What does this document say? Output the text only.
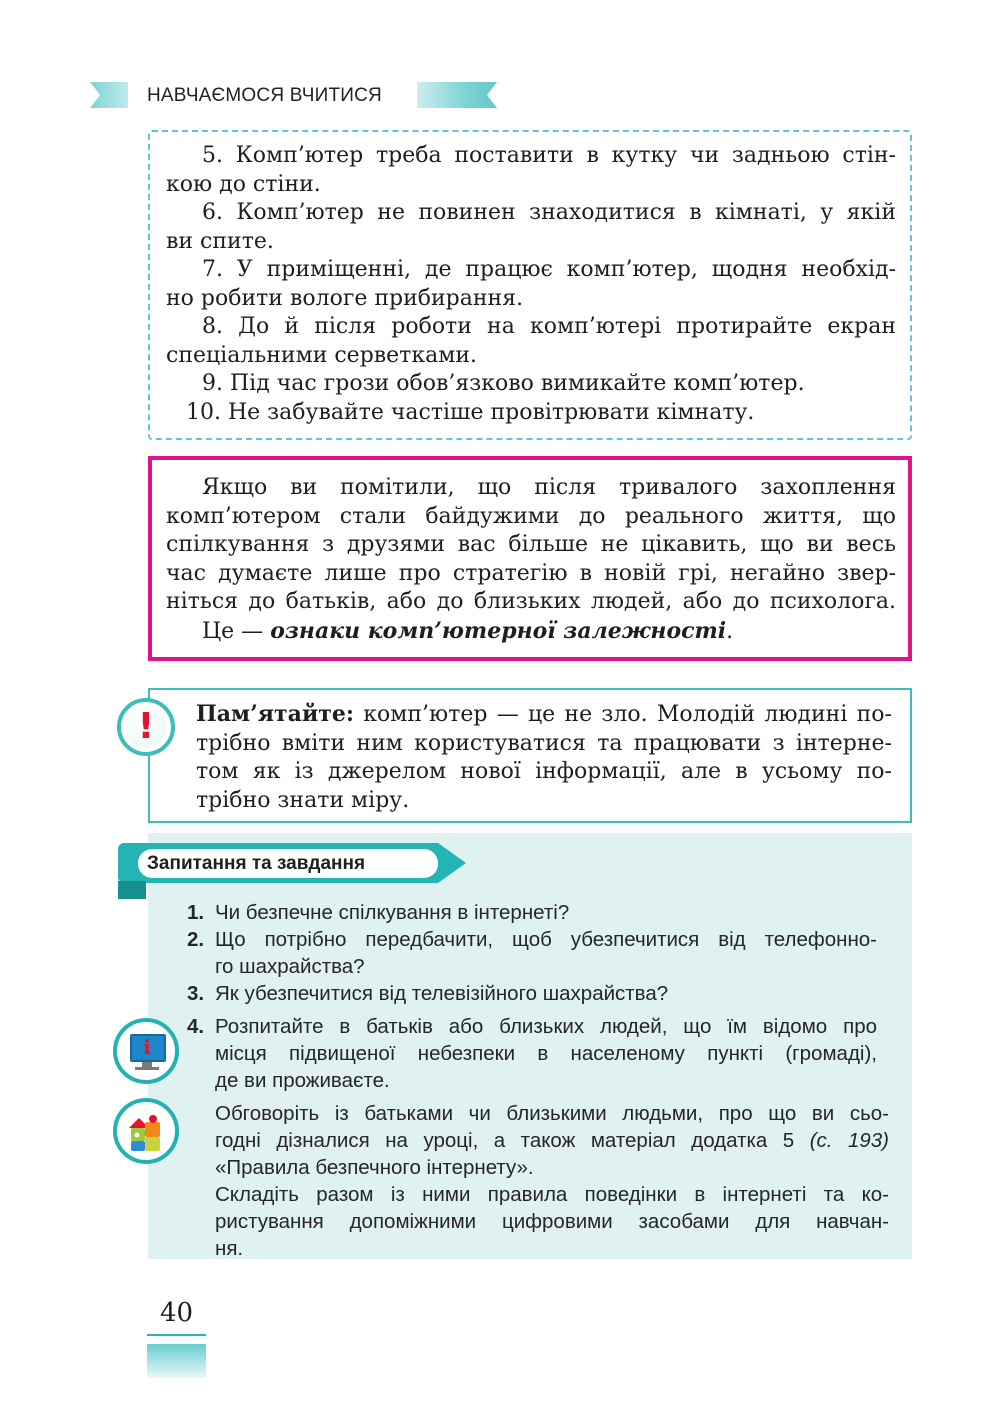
НАВЧАЄМОСЯ ВЧИТИСЯ
5. Комп’ютер треба поставити в кутку чи задньою стін-
кою до стіни.
6. Комп’ютер не повинен знаходитися в кімнаті, у якій
ви спите.
7. У приміщенні, де працює комп’ютер, щодня необхід-
но робити вологе прибирання.
8. До й після роботи на комп’ютері протирайте екран
спеціальними серветками.
9. Під час грози обов’язково вимикайте комп’ютер.
10. Не забувайте частіше провітрювати кімнату.
Якщо ви помітили, що після тривалого захоплення
комп’ютером стали байдужими до реального життя, що
спілкування з друзями вас більше не цікавить, що ви весь
час думаєте лише про стратегію в новій грі, негайно звер-
ніться до батьків, або до близьких людей, або до психолога.
Це — ознаки комп’ютерної залежності.
Пам’ятайте: комп’ютер — це не зло. Молодій людині по-
трібно вміти ним користуватися та працювати з інтерне-
том як із джерелом нової інформації, але в усьому по-
трібно знати міру.
!
Запитання та завдання
1. Чи безпечне спілкування в інтернеті?
2. Що потрібно передбачити, щоб убезпечитися від телефонно-
го шахрайства?
3. Як убезпечитися від телевізійного шахрайства?
4. Розпитайте в батьків або близьких людей, що їм відомо про
місця підвищеної небезпеки в населеному пункті (громаді),
де ви проживаєте.
Обговоріть із батьками чи близькими людьми, про що ви сьо-
годні дізналися на уроці, а також матеріал додатка 5 (с. 193)
«Правила безпечного інтернету».
Складіть разом із ними правила поведінки в інтернеті та ко-
ристування допоміжними цифровими засобами для навчан-
ня.
i
40
